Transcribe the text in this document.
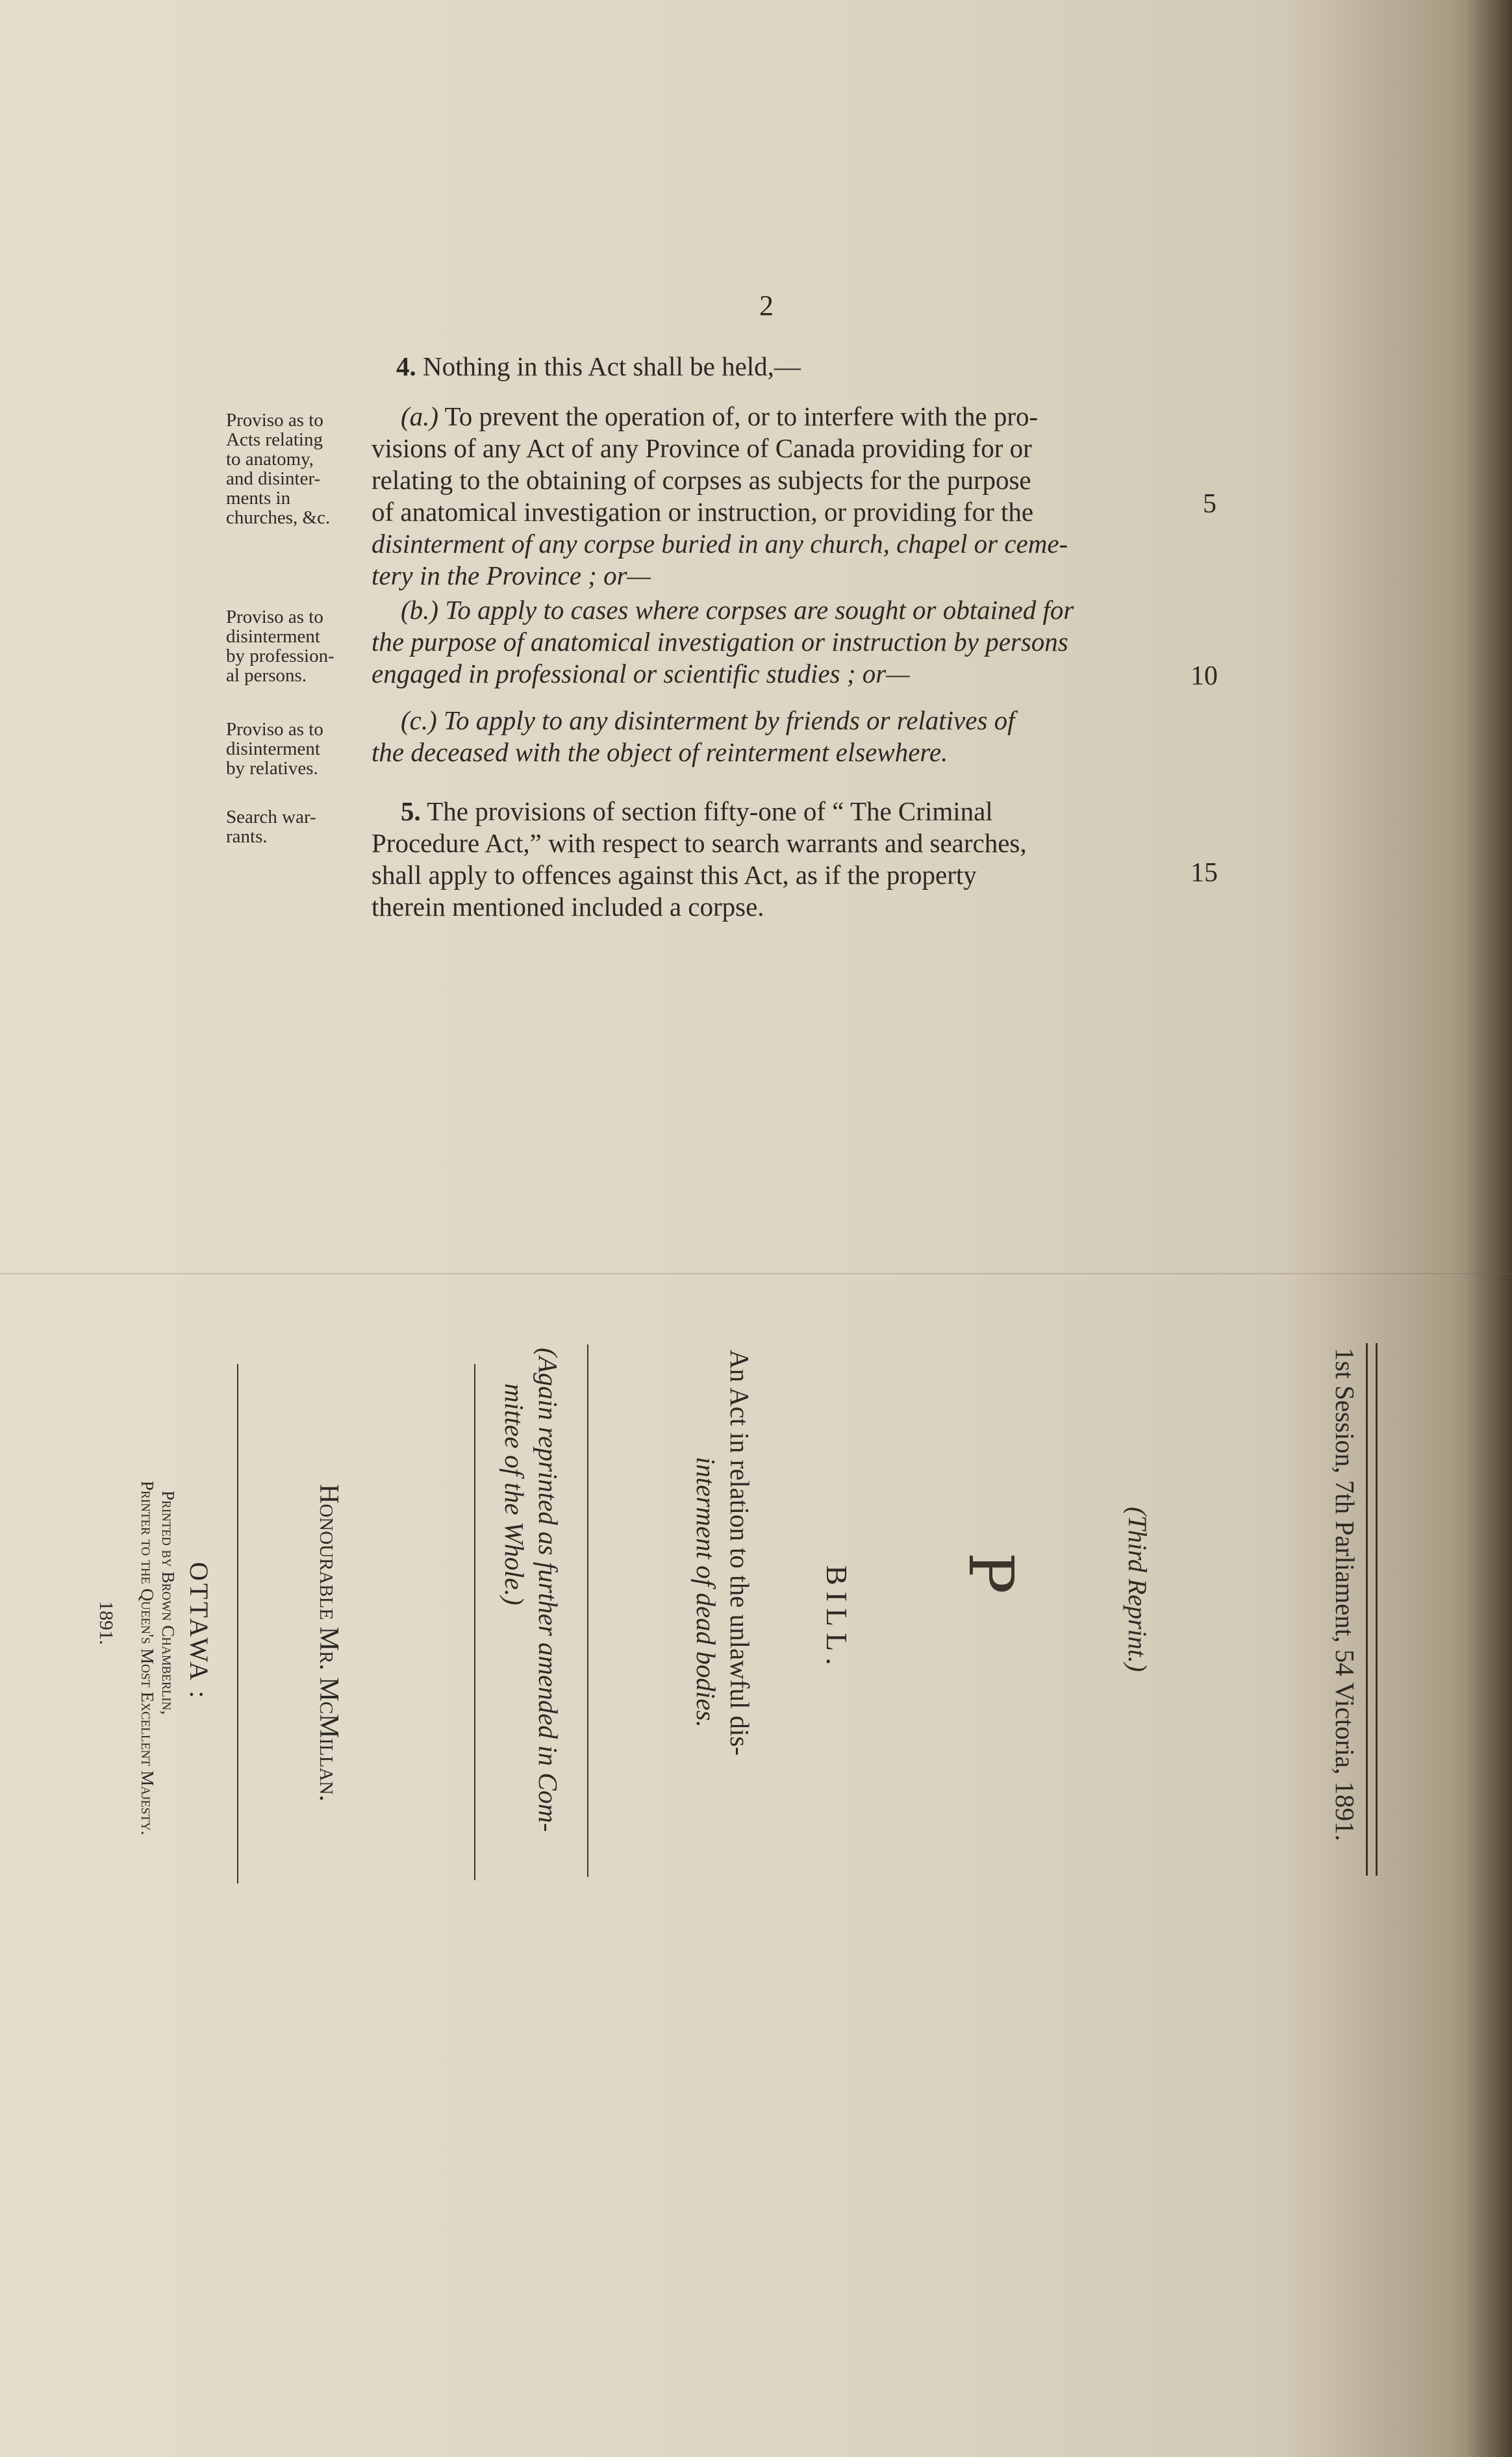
2
4. Nothing in this Act shall be held,—
(a.) To prevent the operation of, or to interfere with the pro-
visions of any Act of any Province of Canada providing for or
relating to the obtaining of corpses as subjects for the purpose
of anatomical investigation or instruction, or providing for the
disinterment of any corpse buried in any church, chapel or ceme-
tery in the Province ; or—
(b.) To apply to cases where corpses are sought or obtained for
the purpose of anatomical investigation or instruction by persons
engaged in professional or scientific studies ; or—
(c.) To apply to any disinterment by friends or relatives of
the deceased with the object of reinterment elsewhere.
5. The provisions of section fifty-one of “ The Criminal
Procedure Act,” with respect to search warrants and searches,
shall apply to offences against this Act, as if the property
therein mentioned included a corpse.
Proviso as to
Acts relating
to anatomy,
and disinter-
ments in
churches, &c.
Proviso as to
disinterment
by profession-
al persons.
Proviso as to
disinterment
by relatives.
Search war-
rants.
5
10
15
1st Session, 7th Parliament, 54 Victoria, 1891.
(Third Reprint.)
P
BILL.
An Act in relation to the unlawful dis-
interment of dead bodies.
(Again reprinted as further amended in Com-
mittee of the Whole.)
Honourable Mr. McMillan.
OTTAWA :
Printed by Brown Chamberlin,
Printer to the Queen's Most Excellent Majesty.
1891.
